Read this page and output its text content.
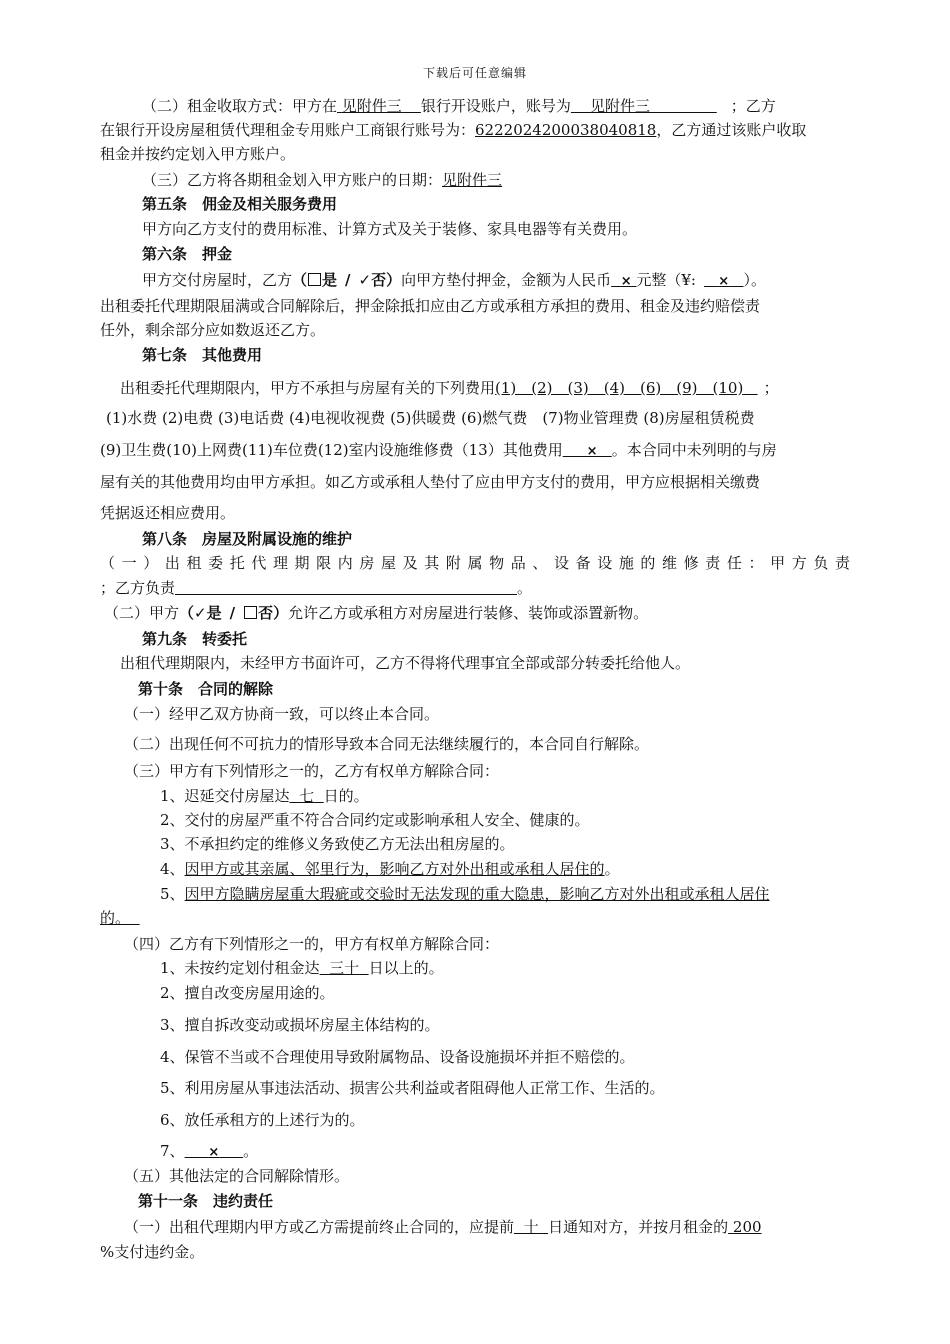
下载后可任意编辑
（二）租金收取方式：甲方在 见附件三 银行开设账户，账号为 见附件三	；乙方
在银行开设房屋租赁代理租金专用账户工商银行账号为：6222024200038040818，乙方通过该账户收取
租金并按约定划入甲方账户。
（三）乙方将各期租金划入甲方账户的日期：见附件三
第五条　佣金及相关服务费用
甲方向乙方支付的费用标准、计算方式及关于装修、家具电器等有关费用。
第六条　押金
甲方交付房屋时，乙方（ 是 / ✓否）向甲方垫付押金，金额为人民币 × 元整（¥: × ）。
出租委托代理期限届满或合同解除后，押金除抵扣应由乙方或承租方承担的费用、租金及违约赔偿责
任外，剩余部分应如数返还乙方。
第七条　其他费用
出租委托代理期限内，甲方不承担与房屋有关的下列费用(1)　(2)　(3)　(4)　(6)　(9)　(10) ；
(1)水费 (2)电费 (3)电话费 (4)电视收视费 (5)供暖费 (6)燃气费　(7)物业管理费 (8)房屋租赁税费
(9)卫生费(10)上网费(11)车位费(12)室内设施维修费（13）其他费用 × 。本合同中未列明的与房
屋有关的其他费用均由甲方承担。如乙方或承租人垫付了应由甲方支付的费用，甲方应根据相关缴费
凭据返还相应费用。
第八条　房屋及附属设施的维护
（一）出租委托代理期限内房屋及其附属物品、设备设施的维修责任：甲方负责
；乙方负责	。
（二）甲方（✓是 / 否）允许乙方或承租方对房屋进行装修、装饰或添置新物。
第九条　转委托
出租代理期限内，未经甲方书面许可，乙方不得将代理事宜全部或部分转委托给他人。
第十条　合同的解除
（一）经甲乙双方协商一致，可以终止本合同。
（二）出现任何不可抗力的情形导致本合同无法继续履行的，本合同自行解除。
（三）甲方有下列情形之一的，乙方有权单方解除合同：
1、迟延交付房屋达 七 日的。
2、交付的房屋严重不符合合同约定或影响承租人安全、健康的。
3、不承担约定的维修义务致使乙方无法出租房屋的。
4、因甲方或其亲属、邻里行为，影响乙方对外出租或承租人居住的。
5、因甲方隐瞒房屋重大瑕疵或交验时无法发现的重大隐患，影响乙方对外出租或承租人居住
的。
（四）乙方有下列情形之一的，甲方有权单方解除合同：
1、未按约定划付租金达 三十 日以上的。
2、擅自改变房屋用途的。
3、擅自拆改变动或损坏房屋主体结构的。
4、保管不当或不合理使用导致附属物品、设备设施损坏并拒不赔偿的。
5、利用房屋从事违法活动、损害公共利益或者阻碍他人正常工作、生活的。
6、放任承租方的上述行为的。
7、 × 。
（五）其他法定的合同解除情形。
第十一条　违约责任
（一）出租代理期内甲方或乙方需提前终止合同的，应提前 十 日通知对方，并按月租金的 200
%支付违约金。
